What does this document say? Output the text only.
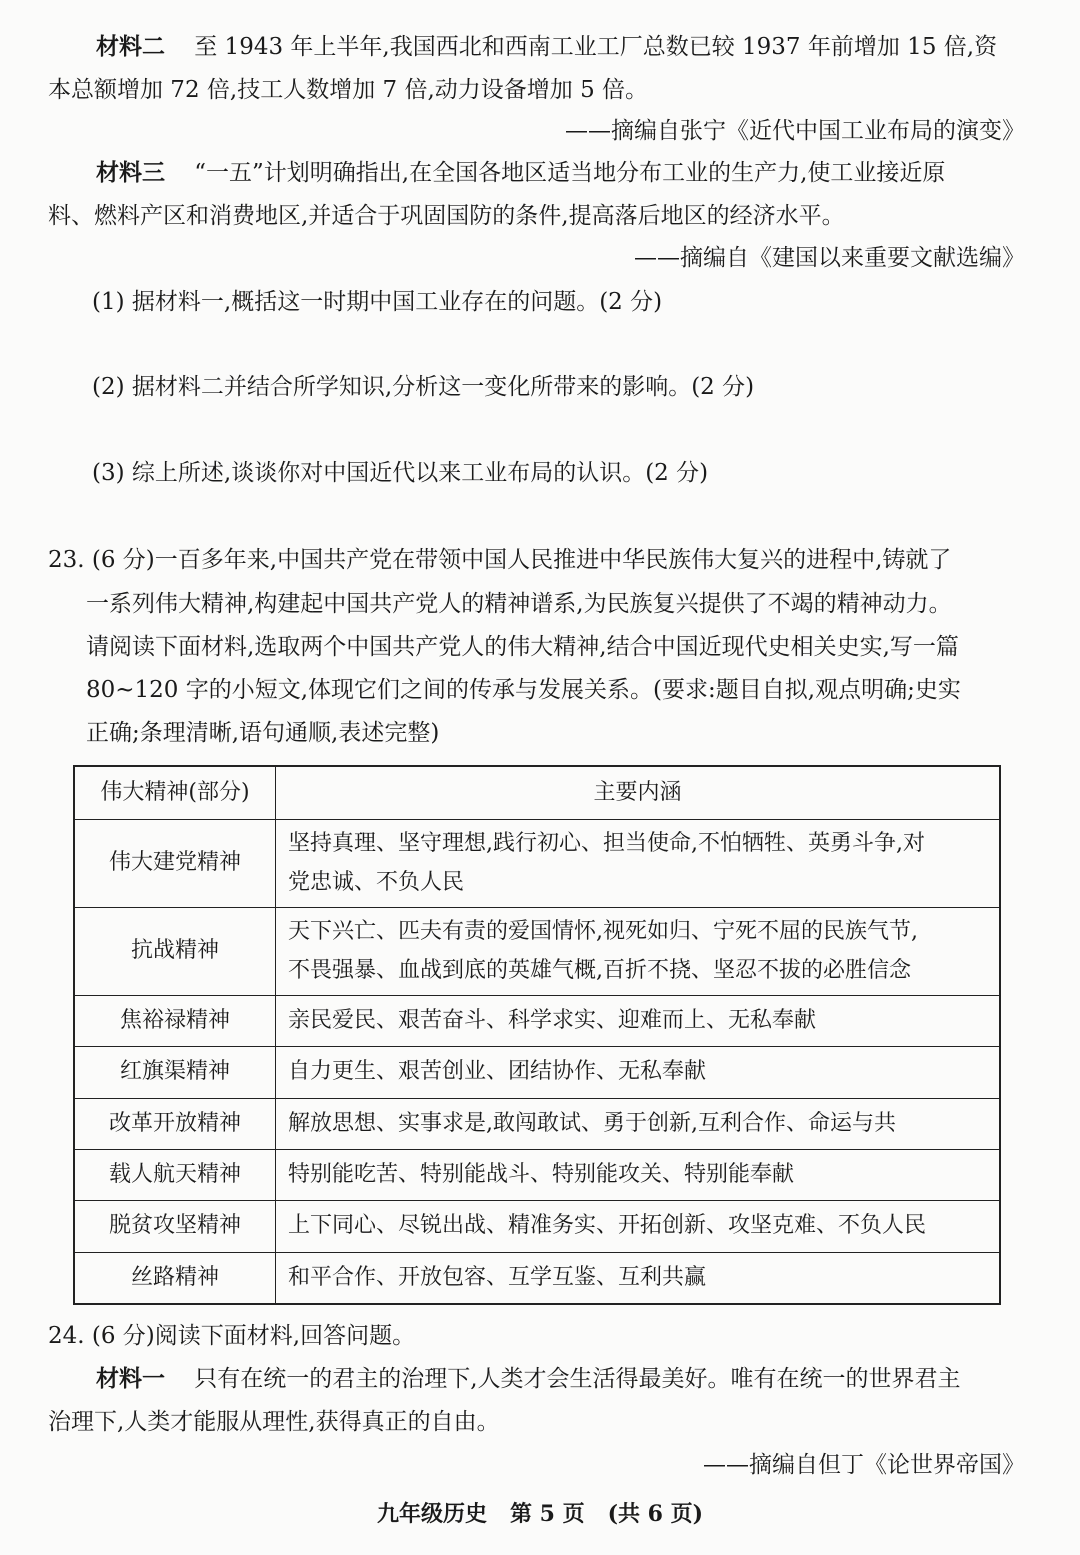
材料二 至 1943 年上半年,我国西北和西南工业工厂总数已较 1937 年前增加 15 倍,资
本总额增加 72 倍,技工人数增加 7 倍,动力设备增加 5 倍。
——摘编自张宁《近代中国工业布局的演变》
材料三 “一五”计划明确指出,在全国各地区适当地分布工业的生产力,使工业接近原
料、燃料产区和消费地区,并适合于巩固国防的条件,提高落后地区的经济水平。
——摘编自《建国以来重要文献选编》
(1) 据材料一,概括这一时期中国工业存在的问题。(2 分)
(2) 据材料二并结合所学知识,分析这一变化所带来的影响。(2 分)
(3) 综上所述,谈谈你对中国近代以来工业布局的认识。(2 分)
23. (6 分)一百多年来,中国共产党在带领中国人民推进中华民族伟大复兴的进程中,铸就了
一系列伟大精神,构建起中国共产党人的精神谱系,为民族复兴提供了不竭的精神动力。
请阅读下面材料,选取两个中国共产党人的伟大精神,结合中国近现代史相关史实,写一篇
80~120 字的小短文,体现它们之间的传承与发展关系。(要求:题目自拟,观点明确;史实
正确;条理清晰,语句通顺,表述完整)
伟大精神(部分)	主要内涵
伟大建党精神	坚持真理、坚守理想,践行初心、担当使命,不怕牺牲、英勇斗争,对
党忠诚、不负人民

抗战精神	天下兴亡、匹夫有责的爱国情怀,视死如归、宁死不屈的民族气节,
不畏强暴、血战到底的英雄气概,百折不挠、坚忍不拔的必胜信念

焦裕禄精神	亲民爱民、艰苦奋斗、科学求实、迎难而上、无私奉献
红旗渠精神	自力更生、艰苦创业、团结协作、无私奉献
改革开放精神	解放思想、实事求是,敢闯敢试、勇于创新,互利合作、命运与共
载人航天精神	特别能吃苦、特别能战斗、特别能攻关、特别能奉献
脱贫攻坚精神	上下同心、尽锐出战、精准务实、开拓创新、攻坚克难、不负人民
丝路精神	和平合作、开放包容、互学互鉴、互利共赢
24. (6 分)阅读下面材料,回答问题。
材料一 只有在统一的君主的治理下,人类才会生活得最美好。唯有在统一的世界君主
治理下,人类才能服从理性,获得真正的自由。
——摘编自但丁《论世界帝国》
九年级历史   第 5 页   (共 6 页)
